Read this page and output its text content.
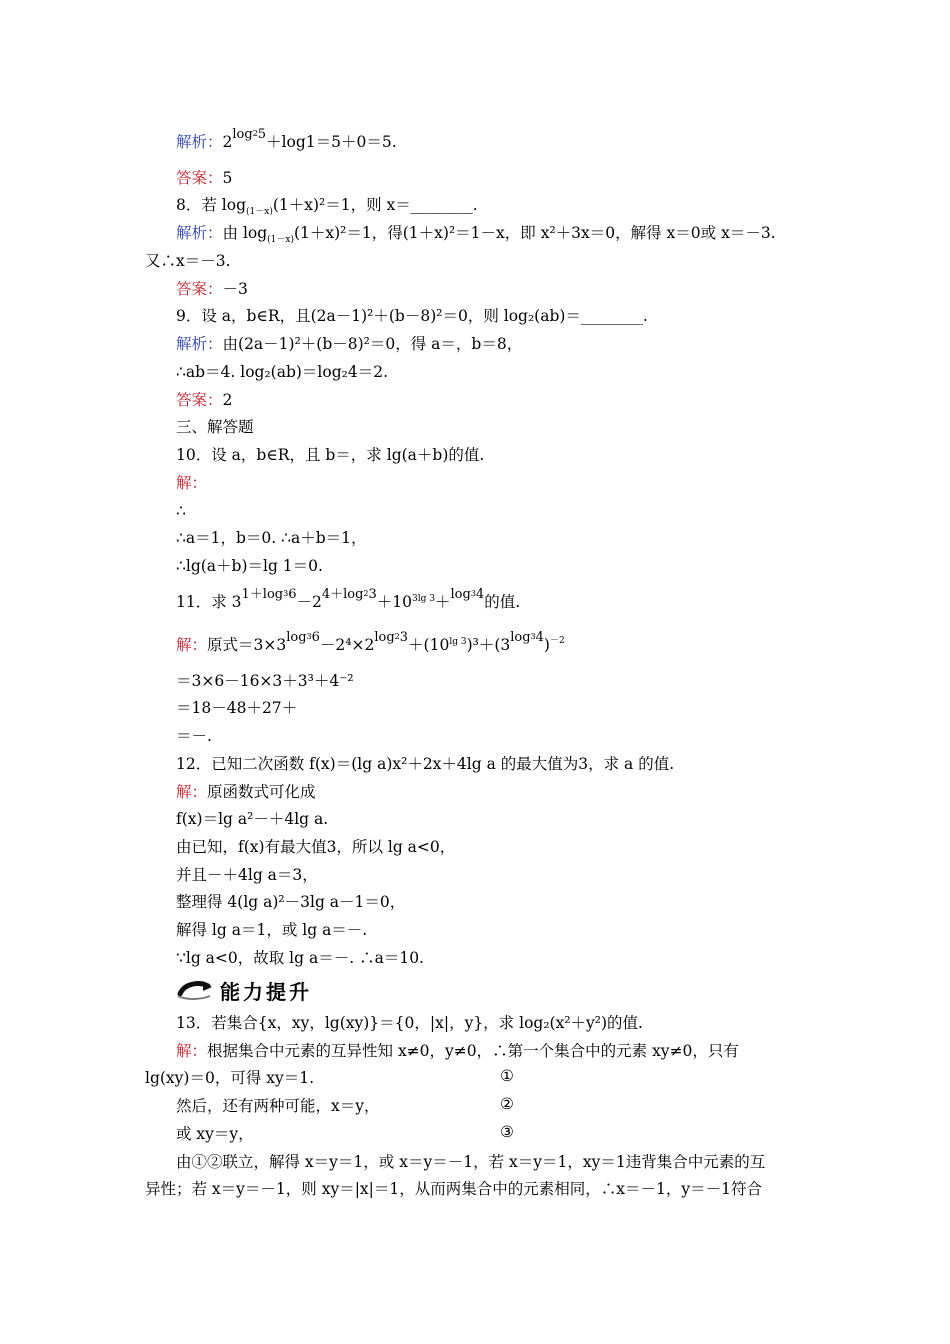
解析：$2^{log25}+\log 1=5+0=5$.
答案：5
8．若 $\log_{(1-x)}(1+x)^2=1$，则 x＝________.
解析：由 $\log_{(1-x)}(1+x)^2=1$，得(1＋x)²＝1－x，即 x²＋3x＝0，解得 x＝0或 x＝－3.
又∴x＝－3.
答案：－3
9．设 a，b∈R，且(2a－1)²＋(b－8)²＝0，则 log₂(ab)＝________.
解析：由(2a－1)²＋(b－8)²＝0，得 a＝，b＝8，
∴ab＝4. log₂(ab)＝log₂4＝2.
答案：2
三、解答题
10．设 a，b∈R，且 b＝，求 lg(a＋b)的值.
解：
∴
∴a＝1，b＝0. ∴a＋b＝1，
∴lg(a＋b)＝lg 1＝0.
11．求 $3^{1+log36}-2^{4+log23}+10^{3lg 3}+^{log34}$的值.
解：原式$=3\times 3^{log36}-2^4\times 2^{log23}+(10^{lg 3})^3+(3^{log34})^{-2}$
＝3×6－16×3＋3³＋4⁻²
＝18－48＋27＋
＝－.
12．已知二次函数 f(x)＝(lg a)x²＋2x＋4lg a 的最大值为3，求 a 的值.
解：原函数式可化成
f(x)＝lg a²－＋4lg a.
由已知，f(x)有最大值3，所以 lg a<0，
并且－＋4lg a＝3，
整理得 4(lg a)²－3lg a－1＝0，
解得 lg a＝1，或 lg a＝－.
∵lg a<0，故取 lg a＝－. ∴a＝10.
能力提升
13．若集合{x，xy，lg(xy)}＝{0，|x|，y}，求 log₂(x²＋y²)的值.
解：根据集合中元素的互异性知 x≠0，y≠0，∴第一个集合中的元素 xy≠0，只有
lg(xy)＝0，可得 xy＝1.	①
然后，还有两种可能，x＝y，	②
或 xy＝y，	③
由①②联立，解得 x＝y＝1，或 x＝y＝－1，若 x＝y＝1，xy＝1违背集合中元素的互
异性；若 x＝y＝－1，则 xy＝|x|＝1，从而两集合中的元素相同，∴x＝－1，y＝－1符合
